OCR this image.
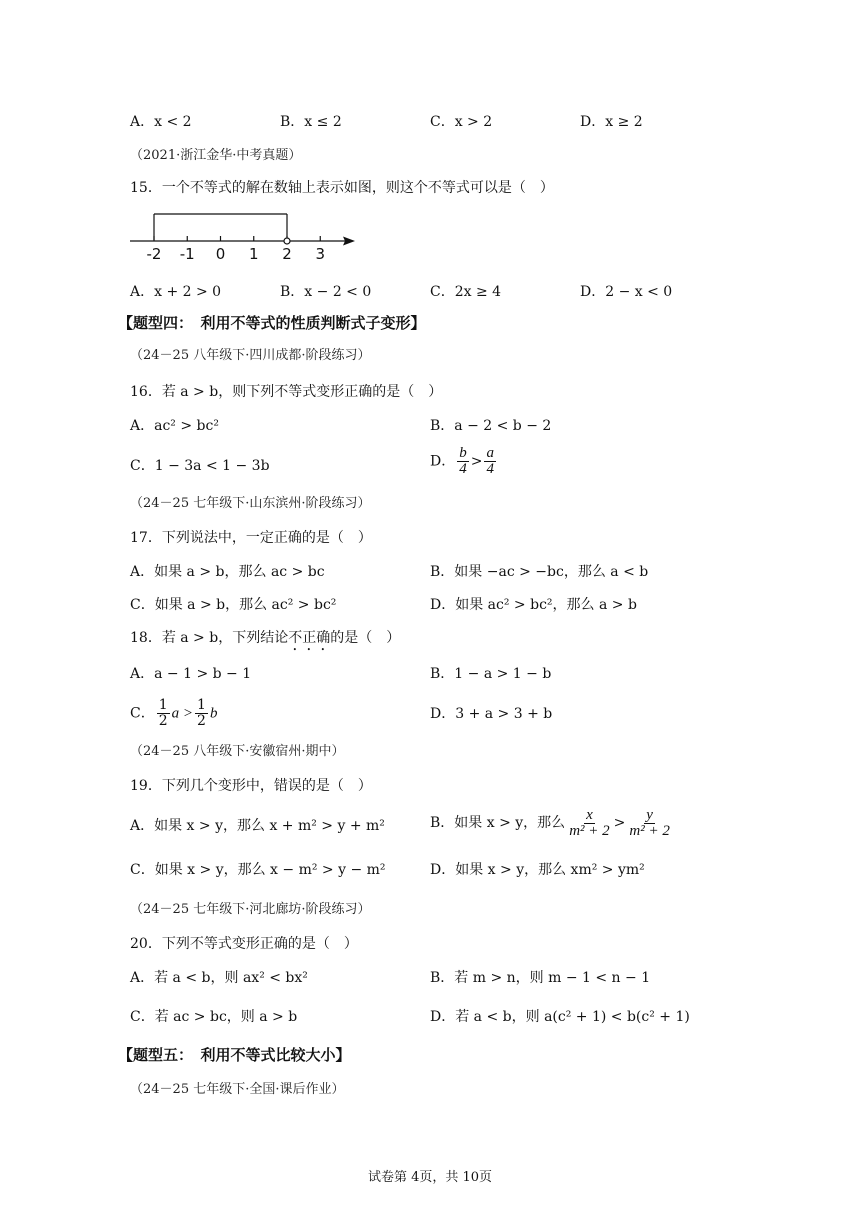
A．x < 2	B．x ≤ 2	C．x > 2	D．x ≥ 2
（2021·浙江金华·中考真题）
15．一个不等式的解在数轴上表示如图，则这个不等式可以是（　）
-2 -1 0 1 2 3
A．x + 2 > 0	B．x − 2 < 0	C．2x ≥ 4	D．2 − x < 0
【题型四：　利用不等式的性质判断式子变形】
（24－25 八年级下·四川成都·阶段练习）
16．若 a > b，则下列不等式变形正确的是（　）
A．ac² > bc²	B．a − 2 < b − 2
C．1 − 3a < 1 − 3b	D． $\frac{b}{4} > \frac{a}{4}$
（24－25 七年级下·山东滨州·阶段练习）
17．下列说法中，一定正确的是（　）
A．如果 a > b，那么 ac > bc	B．如果 −ac > −bc，那么 a < b
C．如果 a > b，那么 ac² > bc²	D．如果 ac² > bc²，那么 a > b
18．若 a > b，下列结论不正确的是（　）
A．a − 1 > b − 1	B．1 − a > 1 − b
C． $\frac{1}{2}$ $a > \frac{1}{2}$ b	D．3 + a > 3 + b
（24－25 八年级下·安徽宿州·期中）
19．下列几个变形中，错误的是（　）
A．如果 x > y，那么 x + m² > y + m²	B．如果 x > y，那么 $\frac{x}{\text{m² + 2}} > \frac{y}{\text{m² + 2}}$
C．如果 x > y，那么 x − m² > y − m²	D．如果 x > y，那么 xm² > ym²
（24－25 七年级下·河北廊坊·阶段练习）
20．下列不等式变形正确的是（　）
A．若 a < b，则 ax² < bx²	B．若 m > n，则 m − 1 < n − 1
C．若 ac > bc，则 a > b	D．若 a < b，则 a(c² + 1) < b(c² + 1)
【题型五：　利用不等式比较大小】
（24－25 七年级下·全国·课后作业）
试卷第 4页，共 10页
